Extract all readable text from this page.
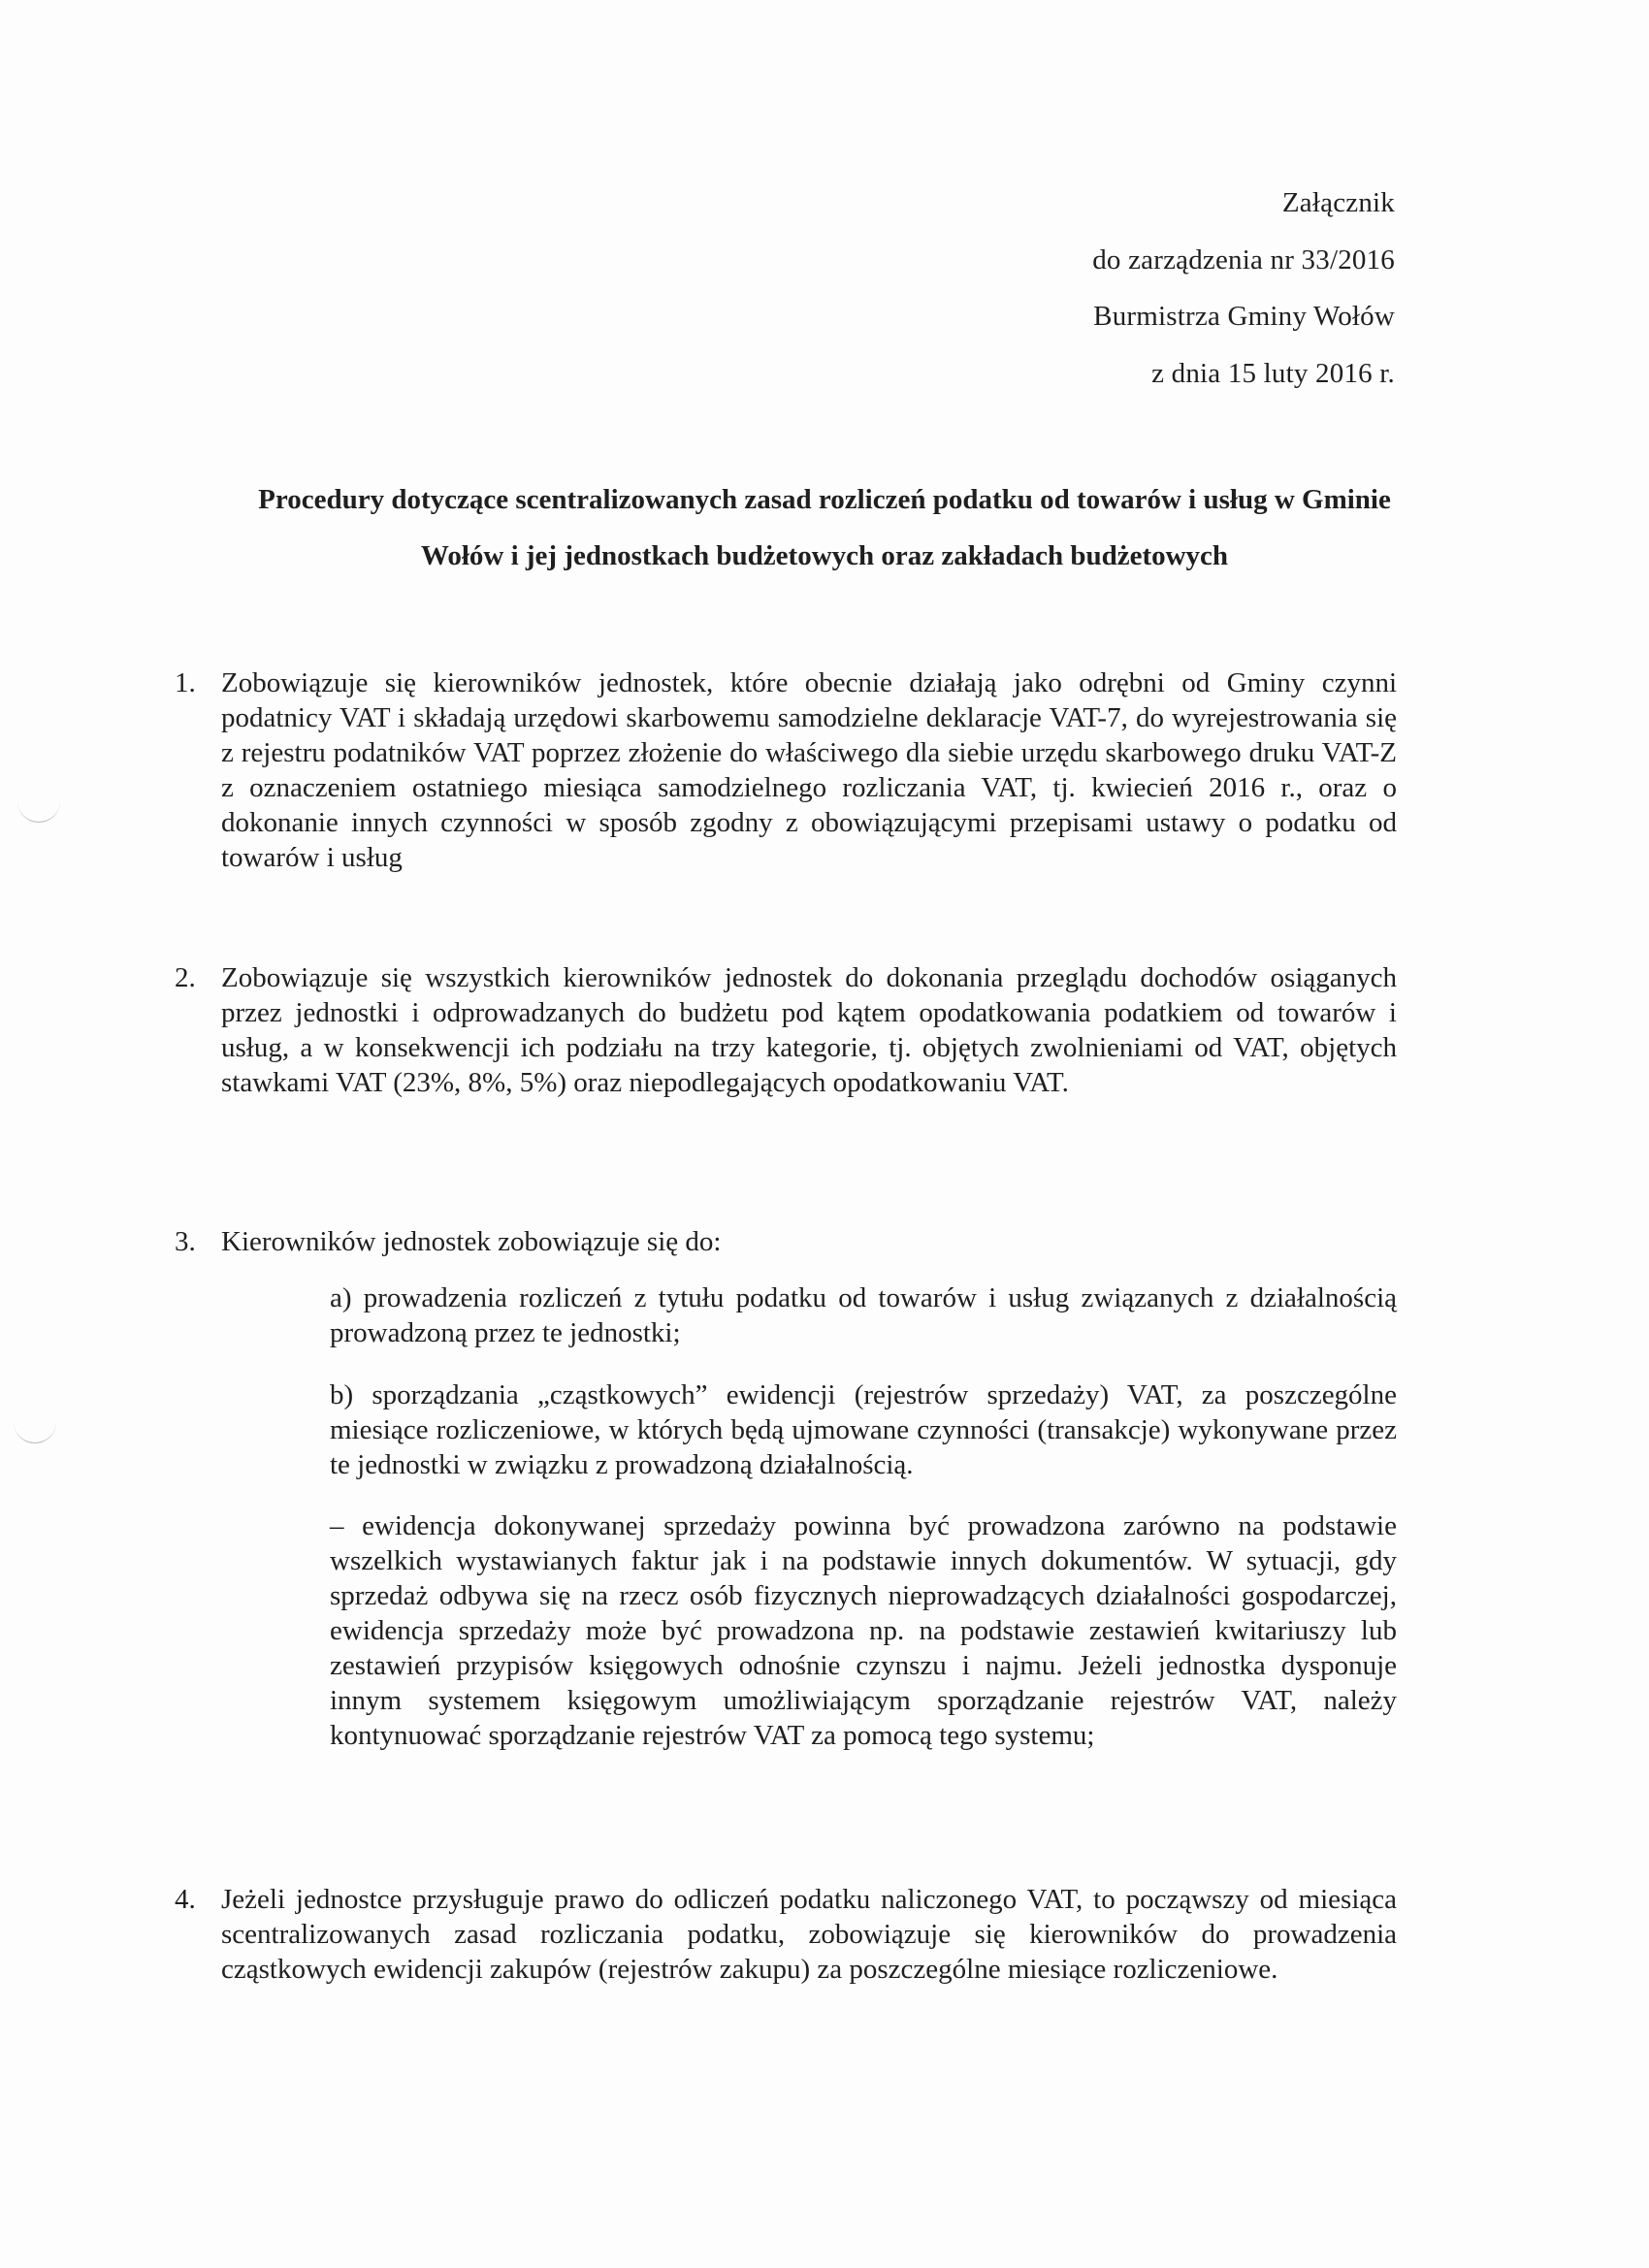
Załącznik
do zarządzenia nr 33/2016
Burmistrza Gminy Wołów
z dnia 15 luty 2016 r.
Procedury dotyczące scentralizowanych zasad rozliczeń podatku od towarów i usług w Gminie
Wołów i jej jednostkach budżetowych oraz zakładach budżetowych
1. Zobowiązuje się kierowników jednostek, które obecnie działają jako odrębni od Gminy czynni podatnicy VAT i składają urzędowi skarbowemu samodzielne deklaracje VAT-7, do wyrejestrowania się z rejestru podatników VAT poprzez złożenie do właściwego dla siebie urzędu skarbowego druku VAT-Z z oznaczeniem ostatniego miesiąca samodzielnego rozliczania VAT, tj. kwiecień 2016 r., oraz o dokonanie innych czynności w sposób zgodny z obowiązującymi przepisami ustawy o podatku od towarów i usług
2. Zobowiązuje się wszystkich kierowników jednostek do dokonania przeglądu dochodów osiąganych przez jednostki i odprowadzanych do budżetu pod kątem opodatkowania podatkiem od towarów i usług, a w konsekwencji ich podziału na trzy kategorie, tj. objętych zwolnieniami od VAT, objętych stawkami VAT (23%, 8%, 5%) oraz niepodlegających opodatkowaniu VAT.
3. Kierowników jednostek zobowiązuje się do:
a) prowadzenia rozliczeń z tytułu podatku od towarów i usług związanych z działalnością prowadzoną przez te jednostki;
b) sporządzania „cząstkowych” ewidencji (rejestrów sprzedaży) VAT, za poszczególne miesiące rozliczeniowe, w których będą ujmowane czynności (transakcje) wykonywane przez te jednostki w związku z prowadzoną działalnością.
– ewidencja dokonywanej sprzedaży powinna być prowadzona zarówno na podstawie wszelkich wystawianych faktur jak i na podstawie innych dokumentów. W sytuacji, gdy sprzedaż odbywa się na rzecz osób fizycznych nieprowadzących działalności gospodarczej, ewidencja sprzedaży może być prowadzona np. na podstawie zestawień kwitariuszy lub zestawień przypisów księgowych odnośnie czynszu i najmu. Jeżeli jednostka dysponuje innym systemem księgowym umożliwiającym sporządzanie rejestrów VAT, należy kontynuować sporządzanie rejestrów VAT za pomocą tego systemu;
4. Jeżeli jednostce przysługuje prawo do odliczeń podatku naliczonego VAT, to począwszy od miesiąca scentralizowanych zasad rozliczania podatku, zobowiązuje się kierowników do prowadzenia cząstkowych ewidencji zakupów (rejestrów zakupu) za poszczególne miesiące rozliczeniowe.
